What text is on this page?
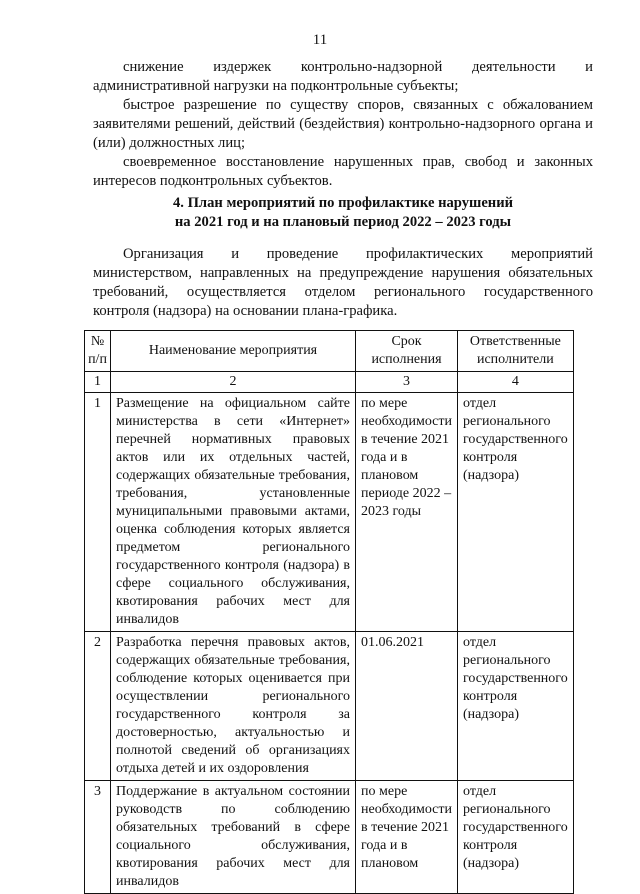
11

снижение издержек контрольно-надзорной деятельности и административной нагрузки на подконтрольные субъекты;

быстрое разрешение по существу споров, связанных с обжалованием заявителями решений, действий (бездействия) контрольно-надзорного органа и (или) должностных лиц;

своевременное восстановление нарушенных прав, свобод и законных интересов подконтрольных субъектов.

4. План мероприятий по профилактике нарушений
на 2021 год и на плановый период 2022 – 2023 годы

Организация и проведение профилактических мероприятий министерством, направленных на предупреждение нарушения обязательных требований, осуществляется отделом регионального государственного контроля (надзора) на основании плана-графика.

№ п/п	Наименование мероприятия	Срок исполнения	Ответственные исполнители
1	2	3	4
1	Размещение на официальном сайте министерства в сети «Интернет» перечней нормативных правовых актов или их отдельных частей, содержащих обязательные требования, требования, установленные муниципальными правовыми актами, оценка соблюдения которых является предметом регионального государственного контроля (надзора) в сфере социального обслуживания, квотирования рабочих мест для инвалидов	по мере необходимости в течение 2021 года и в плановом периоде 2022 – 2023 годы	отдел регионального государственного контроля (надзора)
2	Разработка перечня правовых актов, содержащих обязательные требования, соблюдение которых оценивается при осуществлении регионального государственного контроля за достоверностью, актуальностью и полнотой сведений об организациях отдыха детей и их оздоровления	01.06.2021	отдел регионального государственного контроля (надзора)
3	Поддержание в актуальном состоянии руководств по соблюдению обязательных требований в сфере социального обслуживания, квотирования рабочих мест для инвалидов	по мере необходимости в течение 2021 года и в плановом	отдел регионального государственного контроля (надзора)
